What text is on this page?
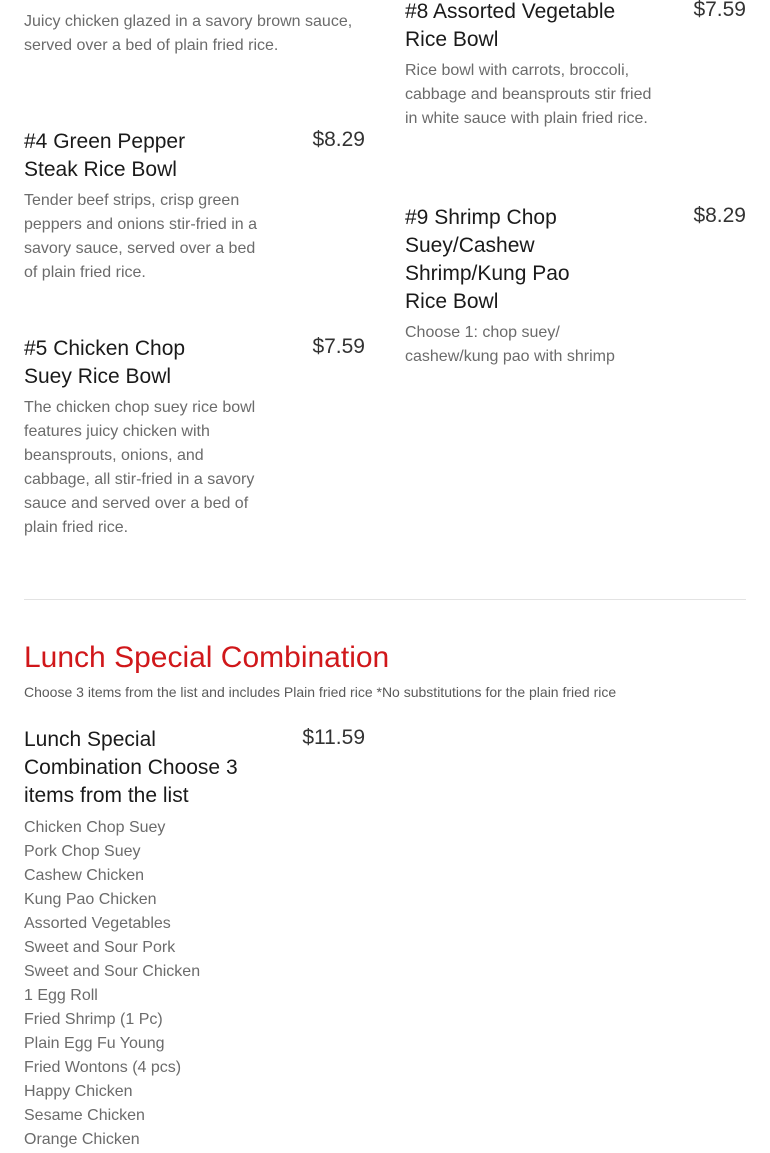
Juicy chicken glazed in a savory brown sauce, served over a bed of plain fried rice.
#4 Green Pepper Steak Rice Bowl
$8.29
Tender beef strips, crisp green peppers and onions stir-fried in a savory sauce, served over a bed of plain fried rice.
#5 Chicken Chop Suey Rice Bowl
$7.59
The chicken chop suey rice bowl features juicy chicken with beansprouts, onions, and cabbage, all stir-fried in a savory sauce and served over a bed of plain fried rice.
#8 Assorted Vegetable Rice Bowl
$7.59
Rice bowl with carrots, broccoli, cabbage and beansprouts stir fried in white sauce with plain fried rice.
#9 Shrimp Chop Suey/Cashew Shrimp/Kung Pao Rice Bowl
$8.29
Choose 1: chop suey/ cashew/kung pao with shrimp
Lunch Special Combination
Choose 3 items from the list and includes Plain fried rice *No substitutions for the plain fried rice
Lunch Special Combination Choose 3 items from the list
$11.59
Chicken Chop Suey
Pork Chop Suey
Cashew Chicken
Kung Pao Chicken
Assorted Vegetables
Sweet and Sour Pork
Sweet and Sour Chicken
1 Egg Roll
Fried Shrimp (1 Pc)
Plain Egg Fu Young
Fried Wontons (4 pcs)
Happy Chicken
Sesame Chicken
Orange Chicken
